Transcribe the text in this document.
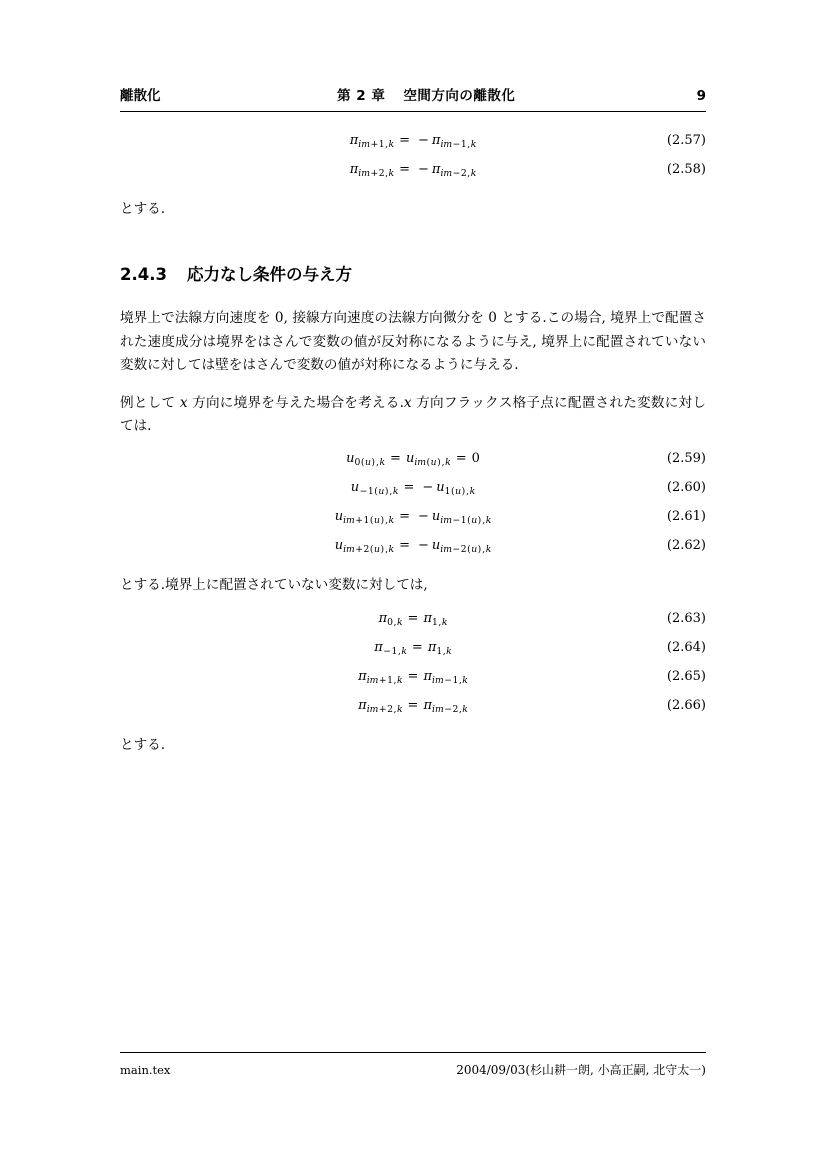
離散化	第 2 章 空間方向の離散化	9
$\pi_{im+1,k}$ = − $\pi_{im-1,k}$	(2.57)
$\pi_{im+2,k}$ = − $\pi_{im-2,k}$	(2.58)

とする.

2.4.3 応力なし条件の与え方

境界上で法線方向速度を 0, 接線方向速度の法線方向微分を 0 とする.この場合, 境界上で配置された速度成分は境界をはさんで変数の値が反対称になるように与え, 境界上に配置されていない変数に対しては壁をはさんで変数の値が対称になるように与える.

例として x 方向に境界を与えた場合を考える.x 方向フラックス格子点に配置された変数に対しては.

$u_{0(u),k} = u_{im(u),k} = 0$	(2.59)
$u_{-1(u),k}$ = − $u_{1(u),k}$	(2.60)
$u_{im+1(u),k}$ = − $u_{im-1(u),k}$	(2.61)
$u_{im+2(u),k}$ = − $u_{im-2(u),k}$	(2.62)

とする.境界上に配置されていない変数に対しては,

$\pi_{0,k} = \pi_{1,k}$	(2.63)
$\pi_{-1,k} = \pi_{1,k}$	(2.64)
$\pi_{im+1,k} = \pi_{im-1,k}$	(2.65)
$\pi_{im+2,k} = \pi_{im-2,k}$	(2.66)

とする.

main.tex	2004/09/03(杉山耕一朗, 小高正嗣, 北守太一)
